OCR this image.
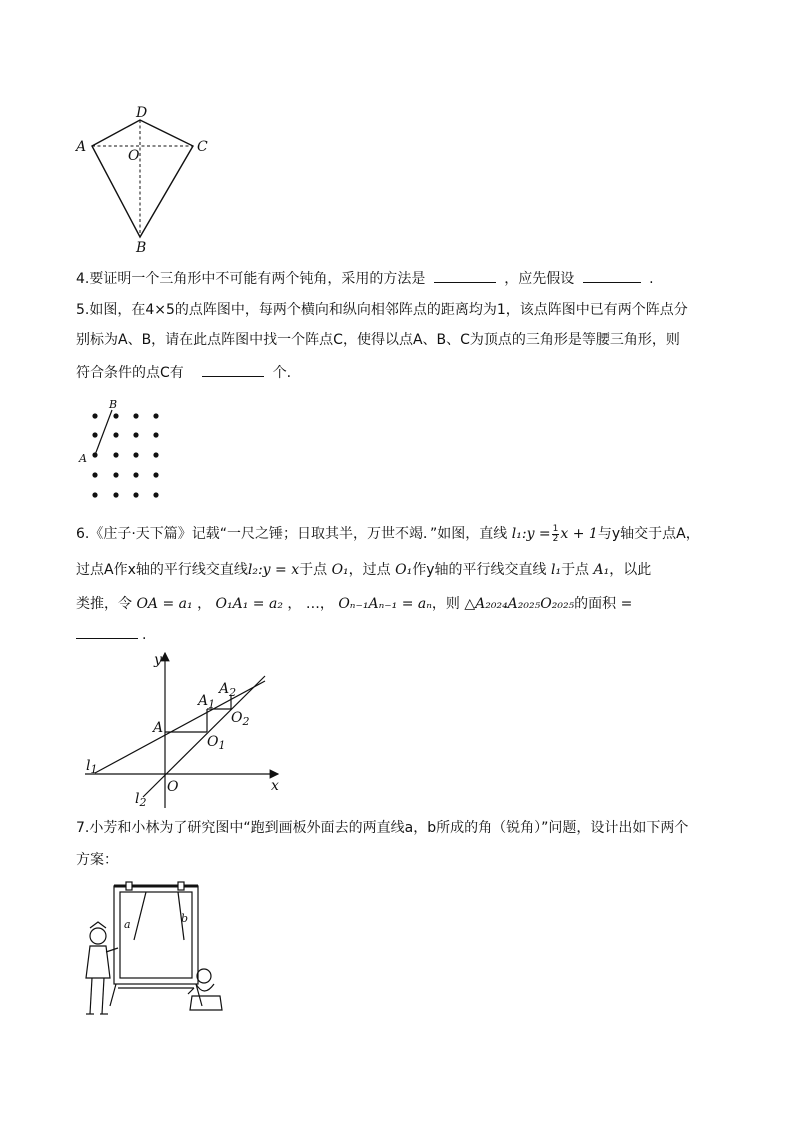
D
A	C
O
B
4.要证明一个三角形中不可能有两个钝角，采用的方法是	，应先假设	.
5.如图，在4×5的点阵图中，每两个横向和纵向相邻阵点的距离均为1，该点阵图中已有两个阵点分
别标为A、B，请在此点阵图中找一个阵点C，使得以点A、B、C为顶点的三角形是等腰三角形，则
符合条件的点C有	个.
B
A
6.《庄子·天下篇》记载“一尺之锤；日取其半，万世不竭．”如图，直线 l₁:y = $\frac{1}{2}$ x + 1与y轴交于点A，
过点A作x轴的平行线交直线l₂:y = x于点 O₁，过点 O₁作y轴的平行线交直线 l₁于点 A₁，以此
类推，令 OA = a₁ ， O₁A₁ = a₂ ， …， Oₙ₋₁Aₙ₋₁ = aₙ，则 △A₂₀₂₄A₂₀₂₅O₂₀₂₅的面积 =
.
y
x
O
A
$A_1$
$A_2$
$O_1$
$O_2$
$l_1$
$l_2$
7.小芳和小林为了研究图中“跑到画板外面去的两直线a，b所成的角（锐角）”问题，设计出如下两个
方案：
a	b
